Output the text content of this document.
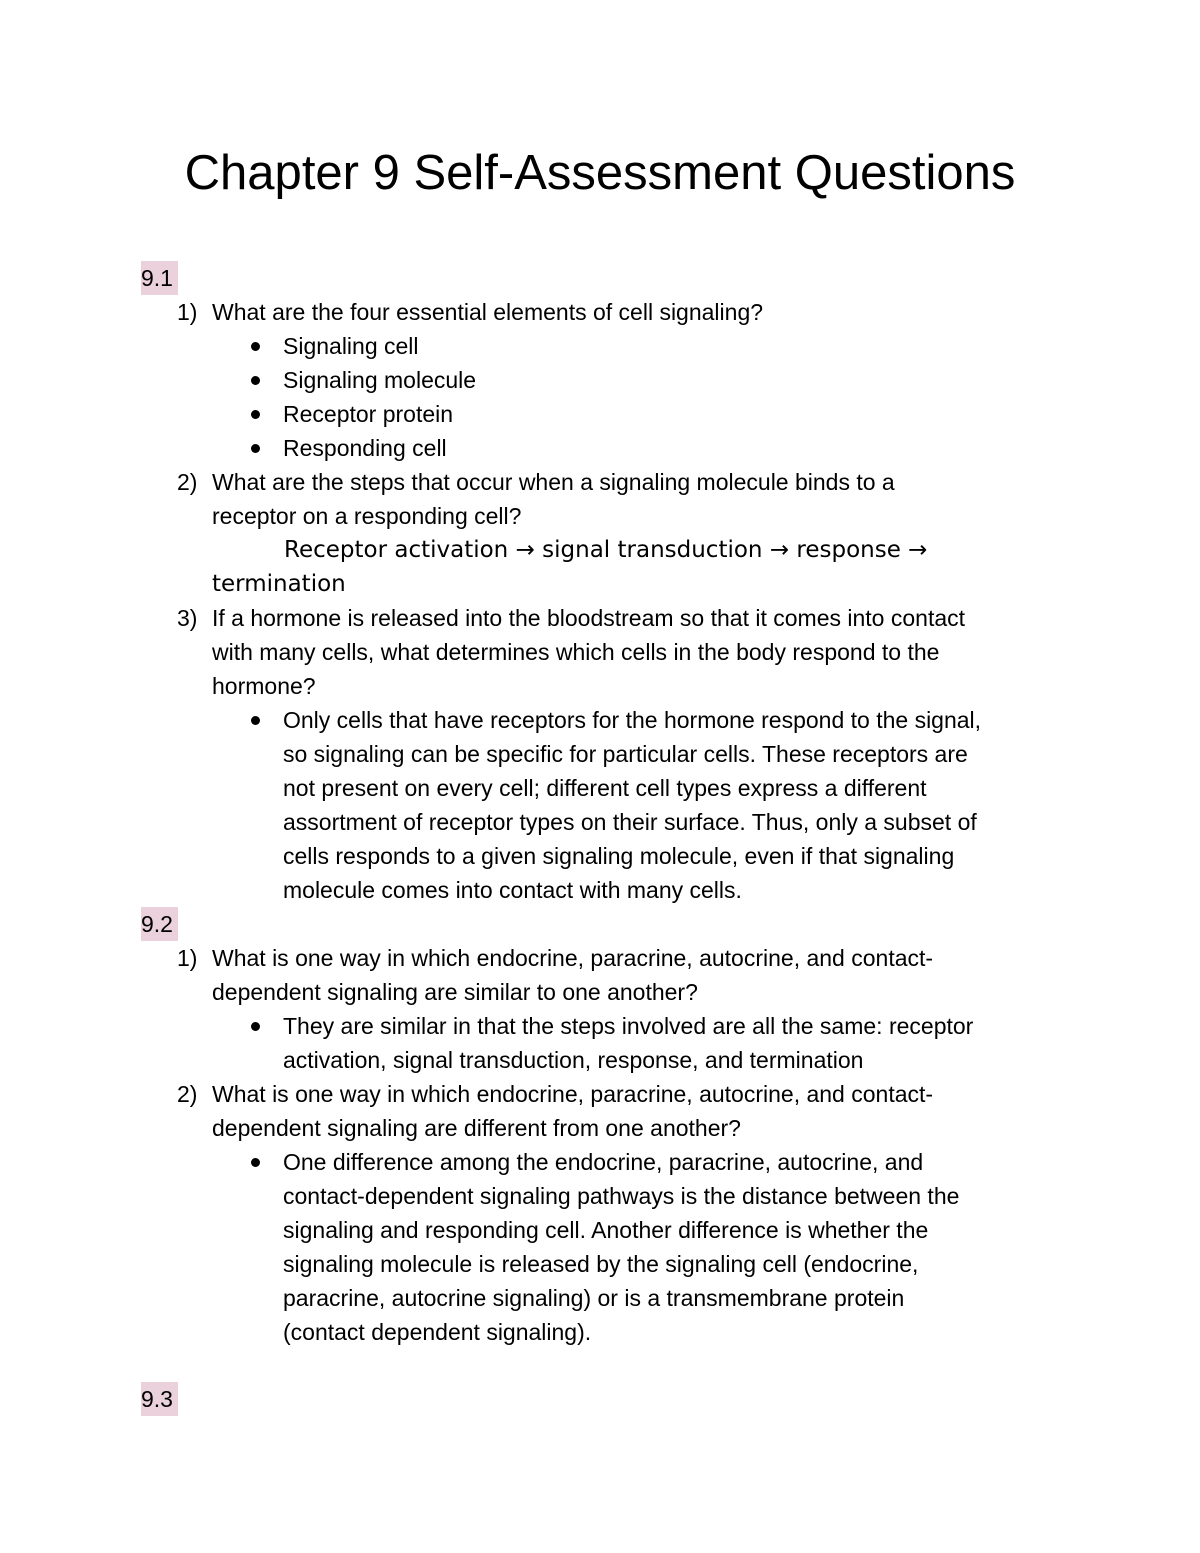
Chapter 9 Self-Assessment Questions
9.1
1) What are the four essential elements of cell signaling?
Signaling cell
Signaling molecule
Receptor protein
Responding cell
2) What are the steps that occur when a signaling molecule binds to a
receptor on a responding cell?
Receptor activation → signal transduction → response →
termination
3) If a hormone is released into the bloodstream so that it comes into contact
with many cells, what determines which cells in the body respond to the
hormone?
Only cells that have receptors for the hormone respond to the signal,
so signaling can be specific for particular cells. These receptors are
not present on every cell; different cell types express a different
assortment of receptor types on their surface. Thus, only a subset of
cells responds to a given signaling molecule, even if that signaling
molecule comes into contact with many cells.
9.2
1) What is one way in which endocrine, paracrine, autocrine, and contact-
dependent signaling are similar to one another?
They are similar in that the steps involved are all the same: receptor
activation, signal transduction, response, and termination
2) What is one way in which endocrine, paracrine, autocrine, and contact-
dependent signaling are different from one another?
One difference among the endocrine, paracrine, autocrine, and
contact-dependent signaling pathways is the distance between the
signaling and responding cell. Another difference is whether the
signaling molecule is released by the signaling cell (endocrine,
paracrine, autocrine signaling) or is a transmembrane protein
(contact dependent signaling).
9.3
